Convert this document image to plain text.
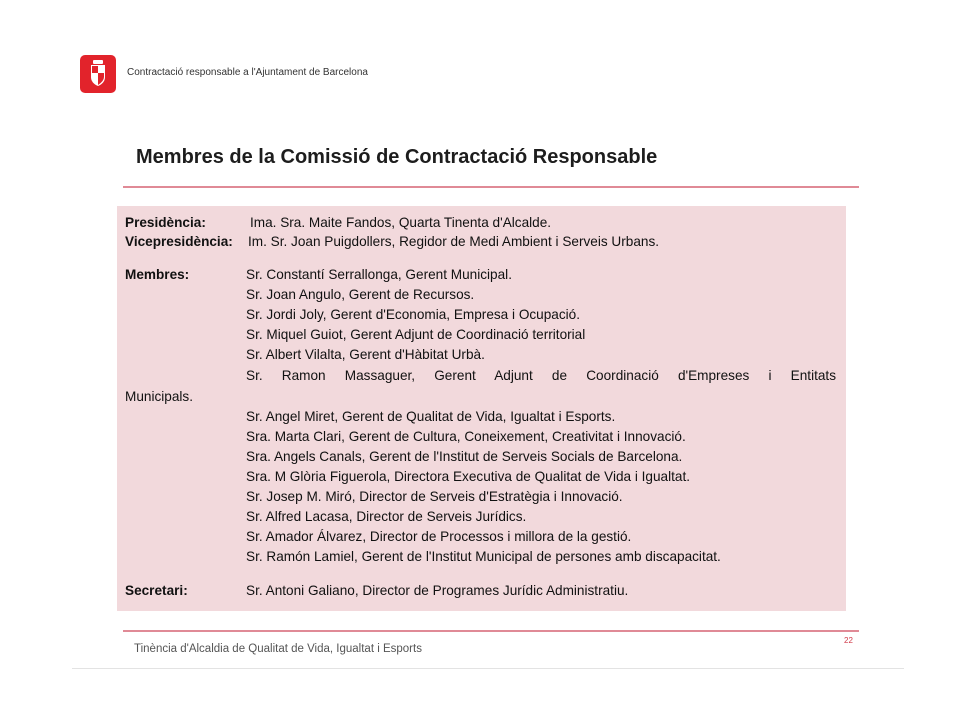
Contractació responsable a l'Ajuntament de Barcelona
Membres de la Comissió de Contractació Responsable
Presidència:	Ima. Sra. Maite Fandos, Quarta Tinenta d'Alcalde.
Vicepresidència: Im. Sr. Joan Puigdollers, Regidor de Medi Ambient i Serveis Urbans.
Membres:	Sr. Constantí Serrallonga, Gerent Municipal.
Sr. Joan Angulo, Gerent de Recursos.
Sr. Jordi Joly, Gerent d'Economia, Empresa i Ocupació.
Sr. Miquel Guiot, Gerent Adjunt de Coordinació territorial
Sr. Albert Vilalta, Gerent d'Hàbitat Urbà.
Sr. Ramon Massaguer, Gerent Adjunt de Coordinació d'Empreses i Entitats
Municipals.
Sr. Angel Miret, Gerent de Qualitat de Vida, Igualtat i Esports.
Sra. Marta Clari, Gerent de Cultura, Coneixement, Creativitat i Innovació.
Sra. Angels Canals, Gerent de l'Institut de Serveis Socials de Barcelona.
Sra. M Glòria Figuerola, Directora Executiva de Qualitat de Vida i Igualtat.
Sr. Josep M. Miró, Director de Serveis d'Estratègia i Innovació.
Sr. Alfred Lacasa, Director de Serveis Jurídics.
Sr. Amador Álvarez, Director de Processos i millora de la gestió.
Sr. Ramón Lamiel, Gerent de l'Institut Municipal de persones amb discapacitat.
Secretari:	Sr. Antoni Galiano, Director de Programes Jurídic Administratiu.
Tinència d'Alcaldia de Qualitat de Vida, Igualtat i Esports
22
